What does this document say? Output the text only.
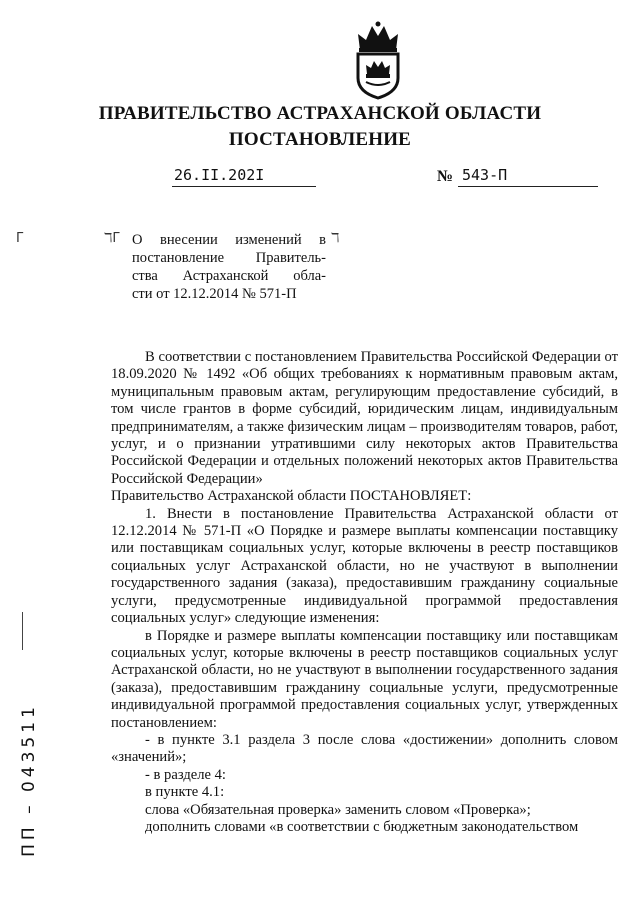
ПРАВИТЕЛЬСТВО АСТРАХАНСКОЙ ОБЛАСТИ
ПОСТАНОВЛЕНИЕ
26.II.202I	№ 543-П
Г	ℸГ	ℸ
О внесении изменений в
постановление Правитель-
ства Астраханской обла-
сти от 12.12.2014 № 571-П

В соответствии с постановлением Правительства Российской Федерации от 18.09.2020 № 1492 «Об общих требованиях к нормативным правовым актам, муниципальным правовым актам, регулирующим предоставление субсидий, в том числе грантов в форме субсидий, юридическим лицам, индивидуальным предпринимателям, а также физическим лицам – производителям товаров, работ, услуг, и о признании утратившими силу некоторых актов Правительства Российской Федерации и отдельных положений некоторых актов Правительства Российской Федерации»

Правительство Астраханской области ПОСТАНОВЛЯЕТ:

1. Внести в постановление Правительства Астраханской области от 12.12.2014 № 571-П «О Порядке и размере выплаты компенсации поставщику или поставщикам социальных услуг, которые включены в реестр поставщиков социальных услуг Астраханской области, но не участвуют в выполнении государственного задания (заказа), предоставившим гражданину социальные услуги, предусмотренные индивидуальной программой предоставления социальных услуг» следующие изменения:

в Порядке и размере выплаты компенсации поставщику или поставщикам социальных услуг, которые включены в реестр поставщиков социальных услуг Астраханской области, но не участвуют в выполнении государственного задания (заказа), предоставившим гражданину социальные услуги, предусмотренные индивидуальной программой предоставления социальных услуг, утвержденных постановлением:

- в пункте 3.1 раздела 3 после слова «достижении» дополнить словом «значений»;

- в разделе 4:

в пункте 4.1:

слова «Обязательная проверка» заменить словом «Проверка»;

дополнить словами «в соответствии с бюджетным законодательством

ПП – 043511
